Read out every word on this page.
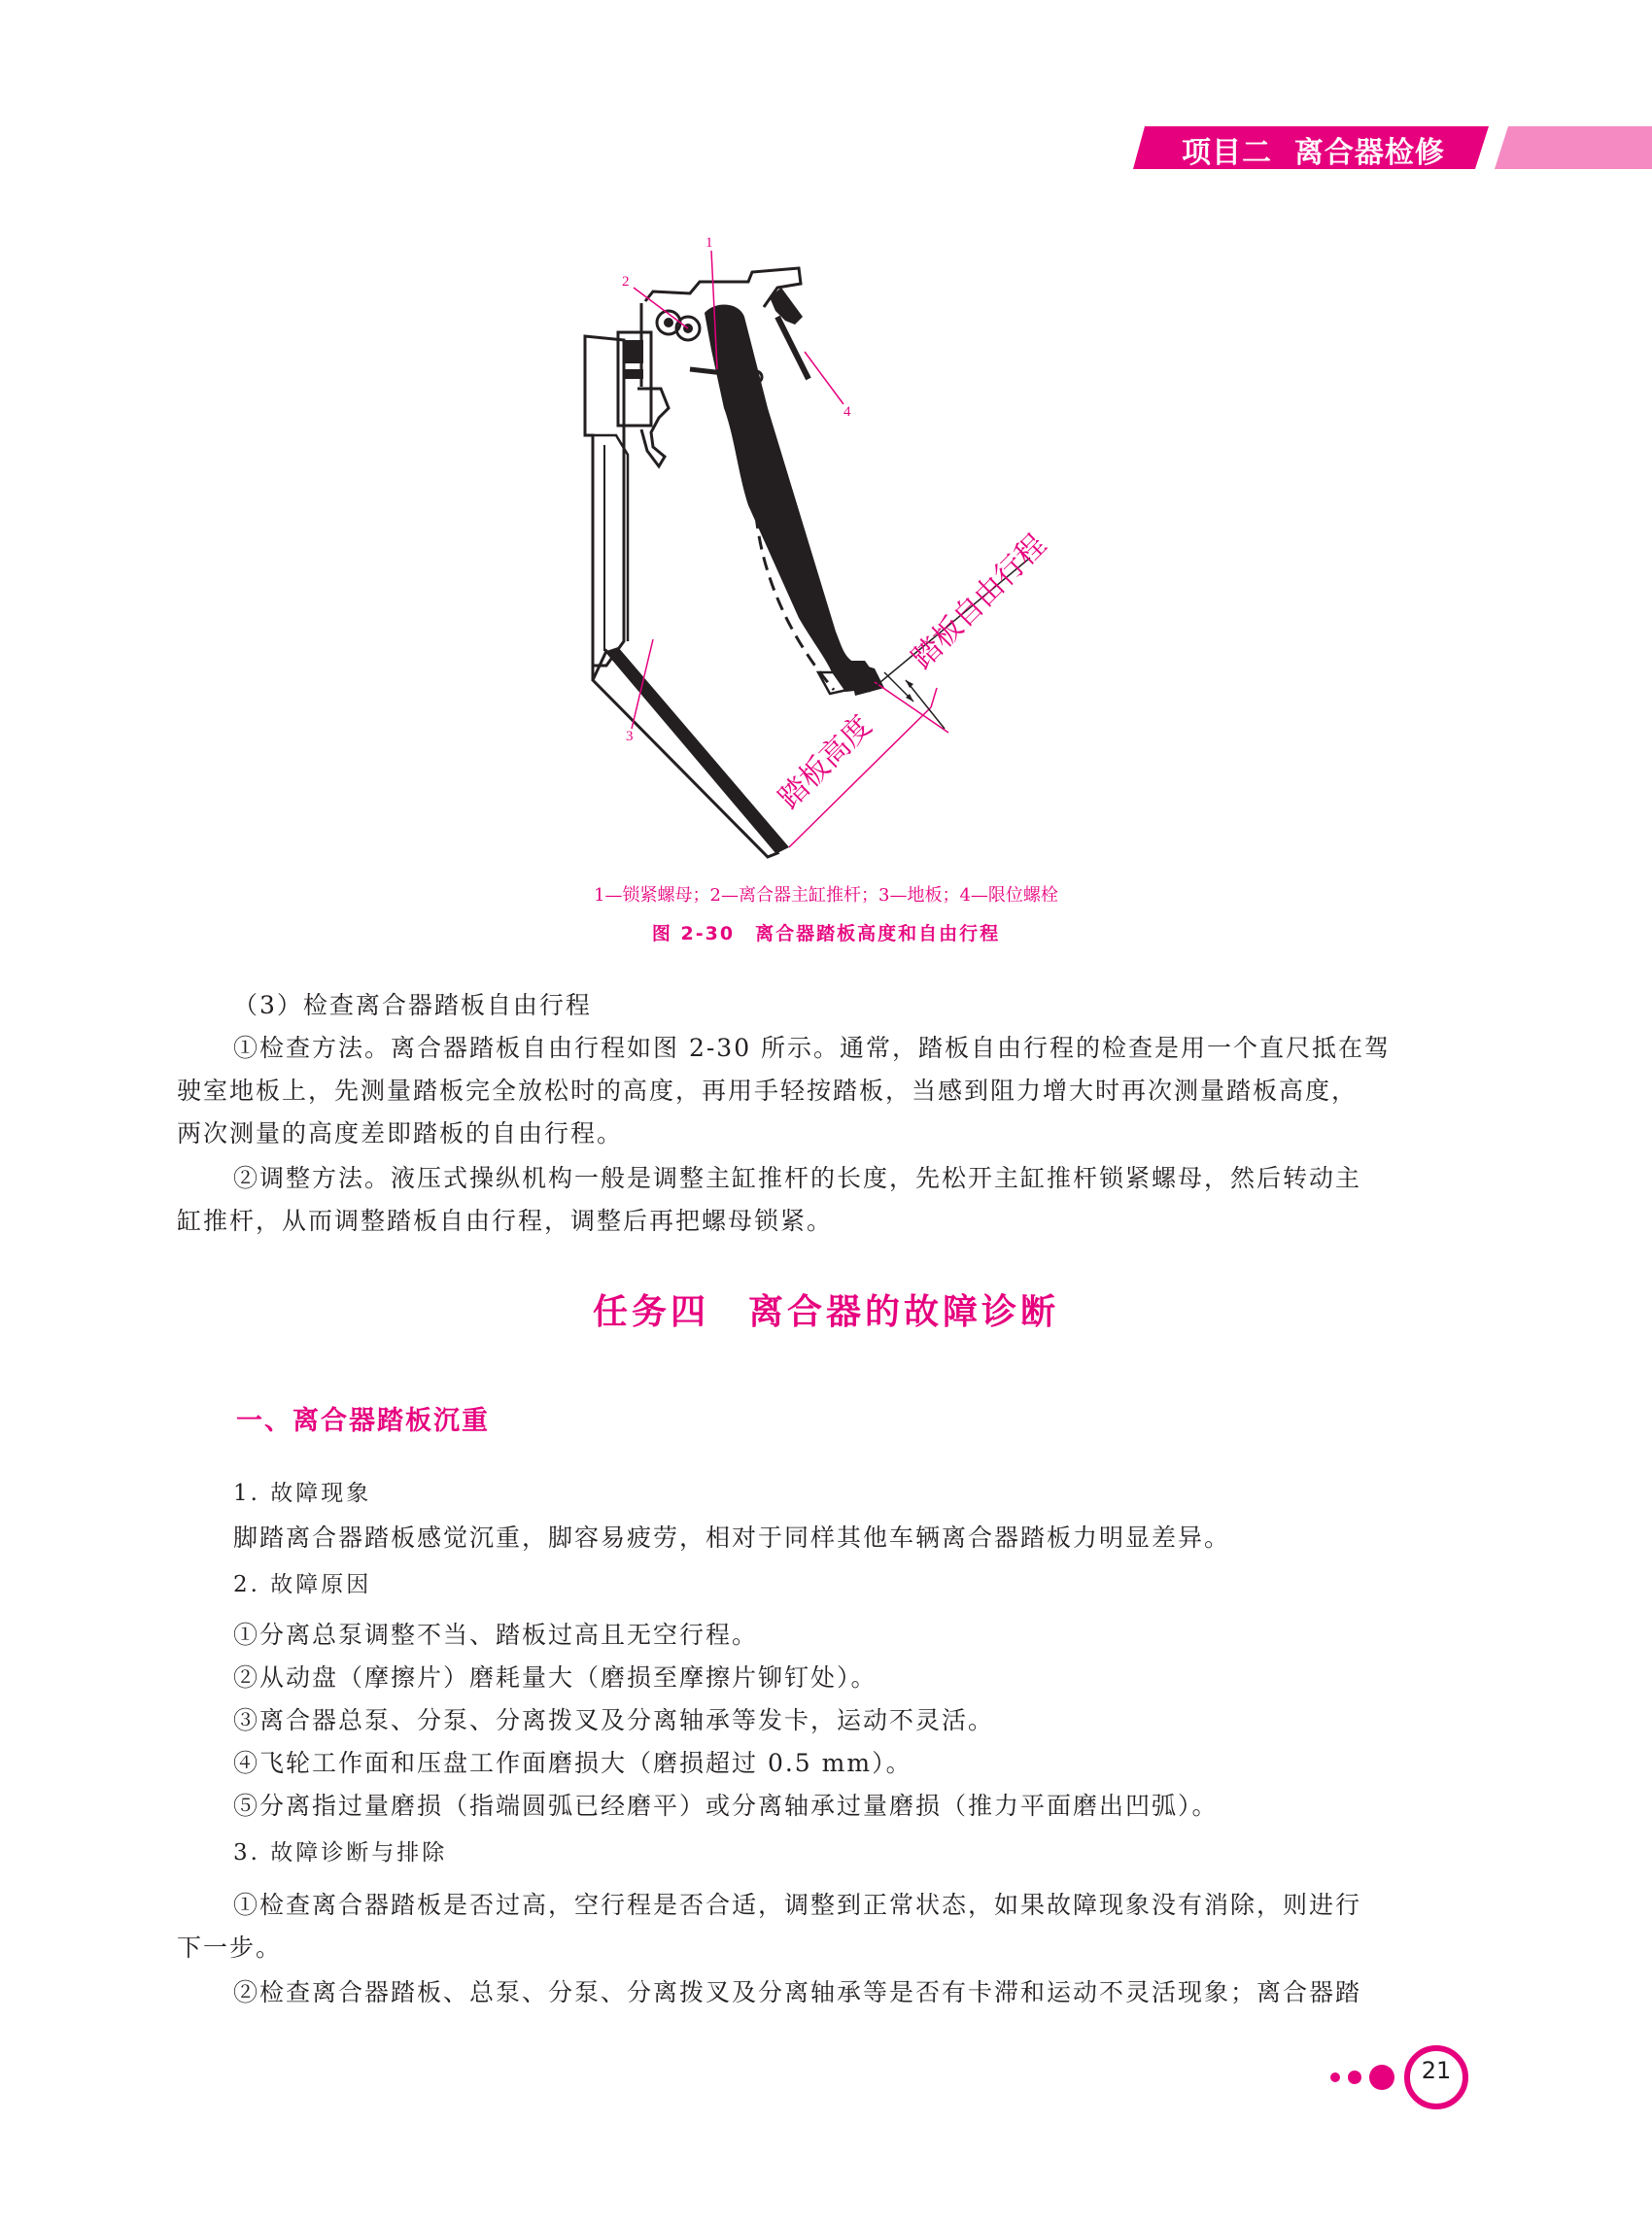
项目二 离合器检修
1
2
3
4
踏板高度
踏板自由行程
1—锁紧螺母；2—离合器主缸推杆；3—地板；4—限位螺栓
图 2-30　离合器踏板高度和自由行程
（3）检查离合器踏板自由行程
①检查方法。离合器踏板自由行程如图 2-30 所示。通常，踏板自由行程的检查是用一个直尺抵在驾
驶室地板上，先测量踏板完全放松时的高度，再用手轻按踏板，当感到阻力增大时再次测量踏板高度，
两次测量的高度差即踏板的自由行程。
②调整方法。液压式操纵机构一般是调整主缸推杆的长度，先松开主缸推杆锁紧螺母，然后转动主
缸推杆，从而调整踏板自由行程，调整后再把螺母锁紧。
任务四　离合器的故障诊断
一、离合器踏板沉重
1. 故障现象
脚踏离合器踏板感觉沉重，脚容易疲劳，相对于同样其他车辆离合器踏板力明显差异。
2. 故障原因
①分离总泵调整不当、踏板过高且无空行程。
②从动盘（摩擦片）磨耗量大（磨损至摩擦片铆钉处）。
③离合器总泵、分泵、分离拨叉及分离轴承等发卡，运动不灵活。
④飞轮工作面和压盘工作面磨损大（磨损超过 0.5 mm）。
⑤分离指过量磨损（指端圆弧已经磨平）或分离轴承过量磨损（推力平面磨出凹弧）。
3. 故障诊断与排除
①检查离合器踏板是否过高，空行程是否合适，调整到正常状态，如果故障现象没有消除，则进行
下一步。
②检查离合器踏板、总泵、分泵、分离拨叉及分离轴承等是否有卡滞和运动不灵活现象；离合器踏
21
